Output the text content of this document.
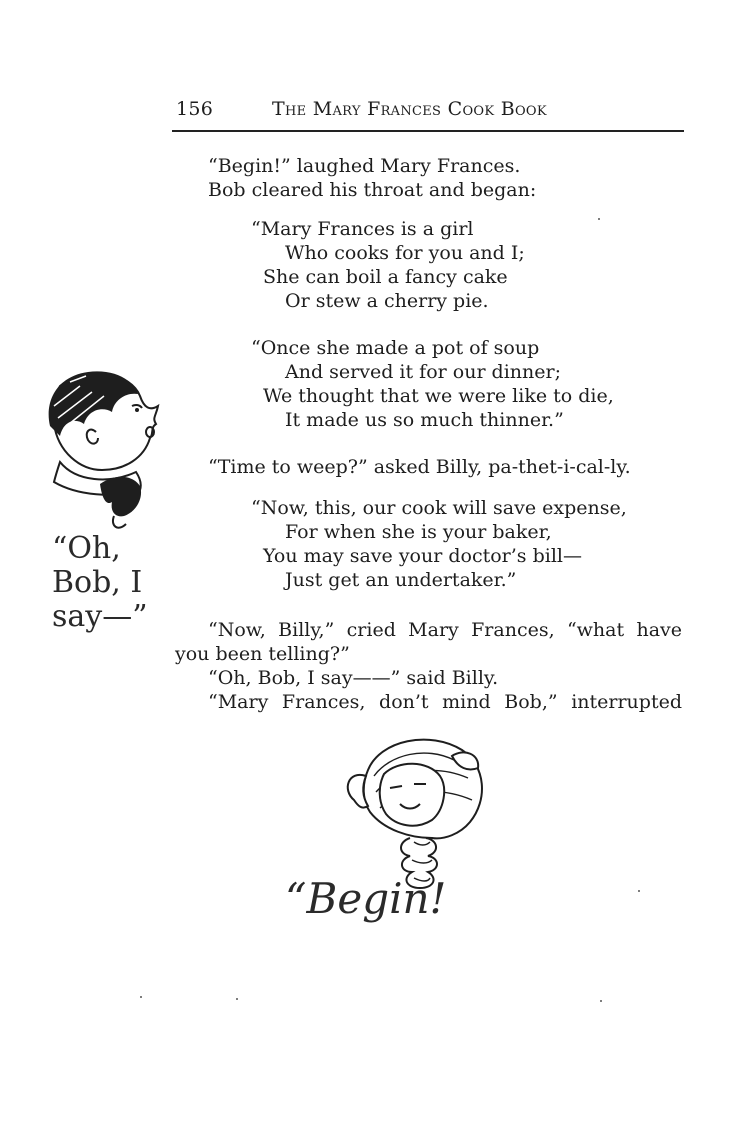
156	The Mary Frances Cook Book
“Begin!” laughed Mary Frances.
Bob cleared his throat and began:
“Mary Frances is a girl
Who cooks for you and I;
She can boil a fancy cake
Or stew a cherry pie.
“Once she made a pot of soup
And served it for our dinner;
We thought that we were like to die,
It made us so much thinner.”
“Time to weep?” asked Billy, pa-thet-i-cal-ly.
“Now, this, our cook will save expense,
For when she is your baker,
You may save your doctor’s bill—
Just get an undertaker.”
“Now, Billy,” cried Mary Frances, “what have
you been telling?”
“Oh, Bob, I say——” said Billy.
“Mary Frances, don’t mind Bob,” interrupted
“Oh,
Bob, I
say—”
“Begin!
